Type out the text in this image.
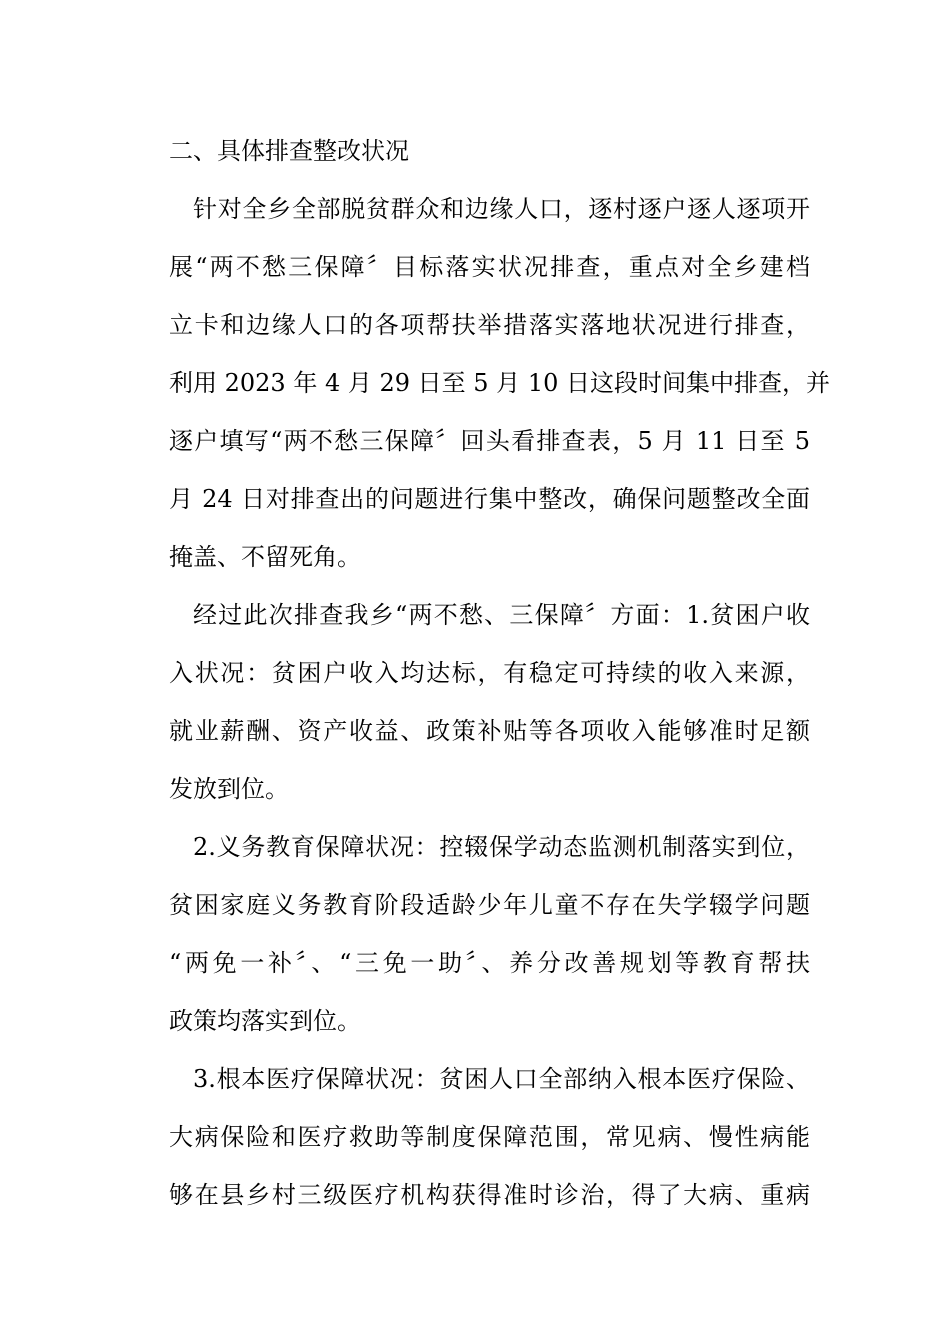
二、具体排查整改状况

针对全乡全部脱贫群众和边缘人口，逐村逐户逐人逐项开
展“两不愁三保障〞目标落实状况排查，重点对全乡建档
立卡和边缘人口的各项帮扶举措落实落地状况进行排查，
利用 2023 年 4 月 29 日至 5 月 10 日这段时间集中排查，并
逐户填写“两不愁三保障〞回头看排查表，5 月 11 日至 5
月 24 日对排查出的问题进行集中整改，确保问题整改全面
掩盖、不留死角。
经过此次排查我乡“两不愁、三保障〞方面：1.贫困户收
入状况：贫困户收入均达标，有稳定可持续的收入来源，
就业薪酬、资产收益、政策补贴等各项收入能够准时足额
发放到位。
2.义务教育保障状况：控辍保学动态监测机制落实到位，
贫困家庭义务教育阶段适龄少年儿童不存在失学辍学问题
“两免一补〞、“三免一助〞、养分改善规划等教育帮扶
政策均落实到位。
3.根本医疗保障状况：贫困人口全部纳入根本医疗保险、
大病保险和医疗救助等制度保障范围，常见病、慢性病能
够在县乡村三级医疗机构获得准时诊治，得了大病、重病
